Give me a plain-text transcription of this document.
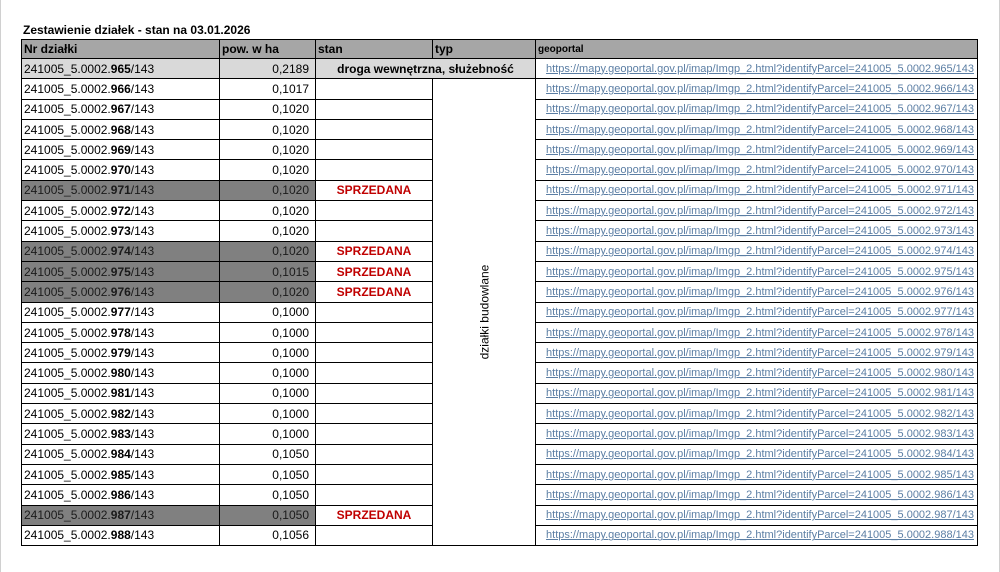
Zestawienie działek - stan na 03.01.2026
Nr działki	pow. w ha	stan	typ	geoportal
241005_5.0002.965/143	0,2189	droga wewnętrzna, służebność		https://mapy.geoportal.gov.pl/imap/Imgp_2.html?identifyParcel=241005_5.0002.965/143
241005_5.0002.966/143	0,1017		działki budowlane	https://mapy.geoportal.gov.pl/imap/Imgp_2.html?identifyParcel=241005_5.0002.966/143
241005_5.0002.967/143	0,1020			https://mapy.geoportal.gov.pl/imap/Imgp_2.html?identifyParcel=241005_5.0002.967/143
241005_5.0002.968/143	0,1020			https://mapy.geoportal.gov.pl/imap/Imgp_2.html?identifyParcel=241005_5.0002.968/143
241005_5.0002.969/143	0,1020			https://mapy.geoportal.gov.pl/imap/Imgp_2.html?identifyParcel=241005_5.0002.969/143
241005_5.0002.970/143	0,1020			https://mapy.geoportal.gov.pl/imap/Imgp_2.html?identifyParcel=241005_5.0002.970/143
241005_5.0002.971/143	0,1020	SPRZEDANA		https://mapy.geoportal.gov.pl/imap/Imgp_2.html?identifyParcel=241005_5.0002.971/143
241005_5.0002.972/143	0,1020			https://mapy.geoportal.gov.pl/imap/Imgp_2.html?identifyParcel=241005_5.0002.972/143
241005_5.0002.973/143	0,1020			https://mapy.geoportal.gov.pl/imap/Imgp_2.html?identifyParcel=241005_5.0002.973/143
241005_5.0002.974/143	0,1020	SPRZEDANA		https://mapy.geoportal.gov.pl/imap/Imgp_2.html?identifyParcel=241005_5.0002.974/143
241005_5.0002.975/143	0,1015	SPRZEDANA		https://mapy.geoportal.gov.pl/imap/Imgp_2.html?identifyParcel=241005_5.0002.975/143
241005_5.0002.976/143	0,1020	SPRZEDANA		https://mapy.geoportal.gov.pl/imap/Imgp_2.html?identifyParcel=241005_5.0002.976/143
241005_5.0002.977/143	0,1000			https://mapy.geoportal.gov.pl/imap/Imgp_2.html?identifyParcel=241005_5.0002.977/143
241005_5.0002.978/143	0,1000			https://mapy.geoportal.gov.pl/imap/Imgp_2.html?identifyParcel=241005_5.0002.978/143
241005_5.0002.979/143	0,1000			https://mapy.geoportal.gov.pl/imap/Imgp_2.html?identifyParcel=241005_5.0002.979/143
241005_5.0002.980/143	0,1000			https://mapy.geoportal.gov.pl/imap/Imgp_2.html?identifyParcel=241005_5.0002.980/143
241005_5.0002.981/143	0,1000			https://mapy.geoportal.gov.pl/imap/Imgp_2.html?identifyParcel=241005_5.0002.981/143
241005_5.0002.982/143	0,1000			https://mapy.geoportal.gov.pl/imap/Imgp_2.html?identifyParcel=241005_5.0002.982/143
241005_5.0002.983/143	0,1000			https://mapy.geoportal.gov.pl/imap/Imgp_2.html?identifyParcel=241005_5.0002.983/143
241005_5.0002.984/143	0,1050			https://mapy.geoportal.gov.pl/imap/Imgp_2.html?identifyParcel=241005_5.0002.984/143
241005_5.0002.985/143	0,1050			https://mapy.geoportal.gov.pl/imap/Imgp_2.html?identifyParcel=241005_5.0002.985/143
241005_5.0002.986/143	0,1050			https://mapy.geoportal.gov.pl/imap/Imgp_2.html?identifyParcel=241005_5.0002.986/143
241005_5.0002.987/143	0,1050	SPRZEDANA		https://mapy.geoportal.gov.pl/imap/Imgp_2.html?identifyParcel=241005_5.0002.987/143
241005_5.0002.988/143	0,1056			https://mapy.geoportal.gov.pl/imap/Imgp_2.html?identifyParcel=241005_5.0002.988/143
